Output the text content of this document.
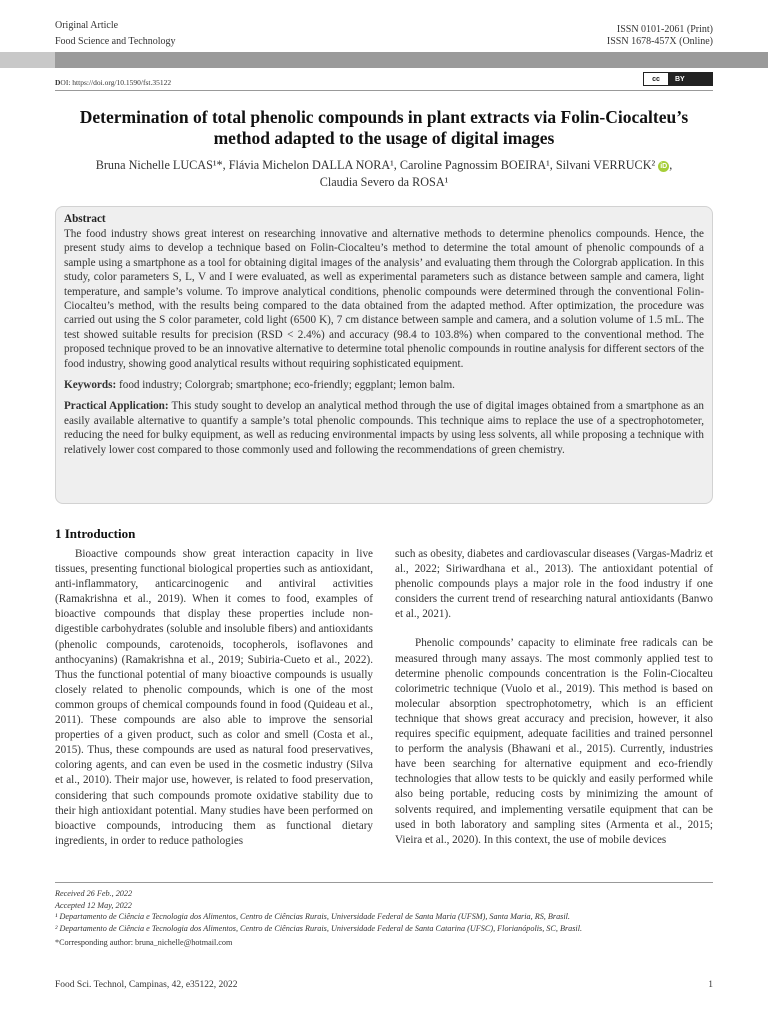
Original Article
Food Science and Technology
ISSN 0101-2061 (Print)
ISSN 1678-457X (Online)
DOI: https://doi.org/10.1590/fst.35122	cc	BY
Determination of total phenolic compounds in plant extracts via Folin-Ciocalteu’s method adapted to the usage of digital images
Bruna Nichelle LUCAS¹*, Flávia Michelon DALLA NORA¹, Caroline Pagnossim BOEIRA¹, Silvani VERRUCK² iD ,
Claudia Severo da ROSA¹

Abstract

The food industry shows great interest on researching innovative and alternative methods to determine phenolics compounds. Hence, the present study aims to develop a technique based on Folin-Ciocalteu’s method to determine the total amount of phenolic compounds of a sample using a smartphone as a tool for obtaining digital images of the analysis’ and evaluating them through the Colorgrab application. In this study, color parameters S, L, V and I were evaluated, as well as experimental parameters such as distance between sample and camera, light temperature, and sample’s volume. To improve analytical conditions, phenolic compounds were determined through the conventional Folin-Ciocalteu’s method, with the results being compared to the data obtained from the adapted method. After optimization, the procedure was carried out using the S color parameter, cold light (6500 K), 7 cm distance between sample and camera, and a solution volume of 1.5 mL. The test showed suitable results for precision (RSD < 2.4%) and accuracy (98.4 to 103.8%) when compared to the conventional method. The proposed technique proved to be an innovative alternative to determine total phenolic compounds in routine analysis for different sectors of the food industry, showing good analytical results without requiring sophisticated equipment.

Keywords: food industry; Colorgrab; smartphone; eco-friendly; eggplant; lemon balm.
Practical Application: This study sought to develop an analytical method through the use of digital images obtained from a smartphone as an easily available alternative to quantify a sample’s total phenolic compounds. This technique aims to replace the use of a spectrophotometer, reducing the need for bulky equipment, as well as reducing environmental impacts by using less solvents, all while proposing a technique with relatively lower cost compared to those commonly used and following the recommendations of green chemistry.
1 Introduction

Bioactive compounds show great interaction capacity in live tissues, presenting functional biological properties such as antioxidant, anti-inflammatory, anticarcinogenic and antiviral activities (Ramakrishna et al., 2019). When it comes to food, examples of bioactive compounds that display these properties include non-digestible carbohydrates (soluble and insoluble fibers) and antioxidants (phenolic compounds, carotenoids, tocopherols, isoflavones and anthocyanins) (Ramakrishna et al., 2019; Subiria-Cueto et al., 2022). Thus the functional potential of many bioactive compounds is usually closely related to phenolic compounds, which is one of the most common groups of chemical compounds found in food (Quideau et al., 2011). These compounds are also able to improve the sensorial properties of a given product, such as color and smell (Costa et al., 2015). Thus, these compounds are used as natural food preservatives, coloring agents, and can even be used in the cosmetic industry (Silva et al., 2010). Their major use, however, is related to food preservation, considering that such compounds promote oxidative stability due to their high antioxidant potential. Many studies have been performed on bioactive compounds, introducing them as functional dietary ingredients, in order to reduce pathologies

such as obesity, diabetes and cardiovascular diseases (Vargas-Madriz et al., 2022; Siriwardhana et al., 2013). The antioxidant potential of phenolic compounds plays a major role in the food industry if one considers the current trend of researching natural antioxidants (Banwo et al., 2021).

Phenolic compounds’ capacity to eliminate free radicals can be measured through many assays. The most commonly applied test to determine phenolic compounds concentration is the Folin-Ciocalteu colorimetric technique (Vuolo et al., 2019). This method is based on molecular absorption spectrophotometry, which is an efficient technique that shows great accuracy and precision, however, it also requires specific equipment, adequate facilities and trained personnel to perform the analysis (Bhawani et al., 2015). Currently, industries have been searching for alternative equipment and eco-friendly technologies that allow tests to be quickly and easily performed while also being portable, reducing costs by minimizing the amount of solvents required, and implementing versatile equipment that can be used in both laboratory and sampling sites (Armenta et al., 2015; Vieira et al., 2020). In this context, the use of mobile devices

Received 26 Feb., 2022
Accepted 12 May, 2022
¹ Departamento de Ciência e Tecnologia dos Alimentos, Centro de Ciências Rurais, Universidade Federal de Santa Maria (UFSM), Santa Maria, RS, Brasil.
² Departamento de Ciência e Tecnologia dos Alimentos, Centro de Ciências Rurais, Universidade Federal de Santa Catarina (UFSC), Florianópolis, SC, Brasil.
*Corresponding author: bruna_nichelle@hotmail.com
Food Sci. Technol, Campinas, 42, e35122, 2022	1
